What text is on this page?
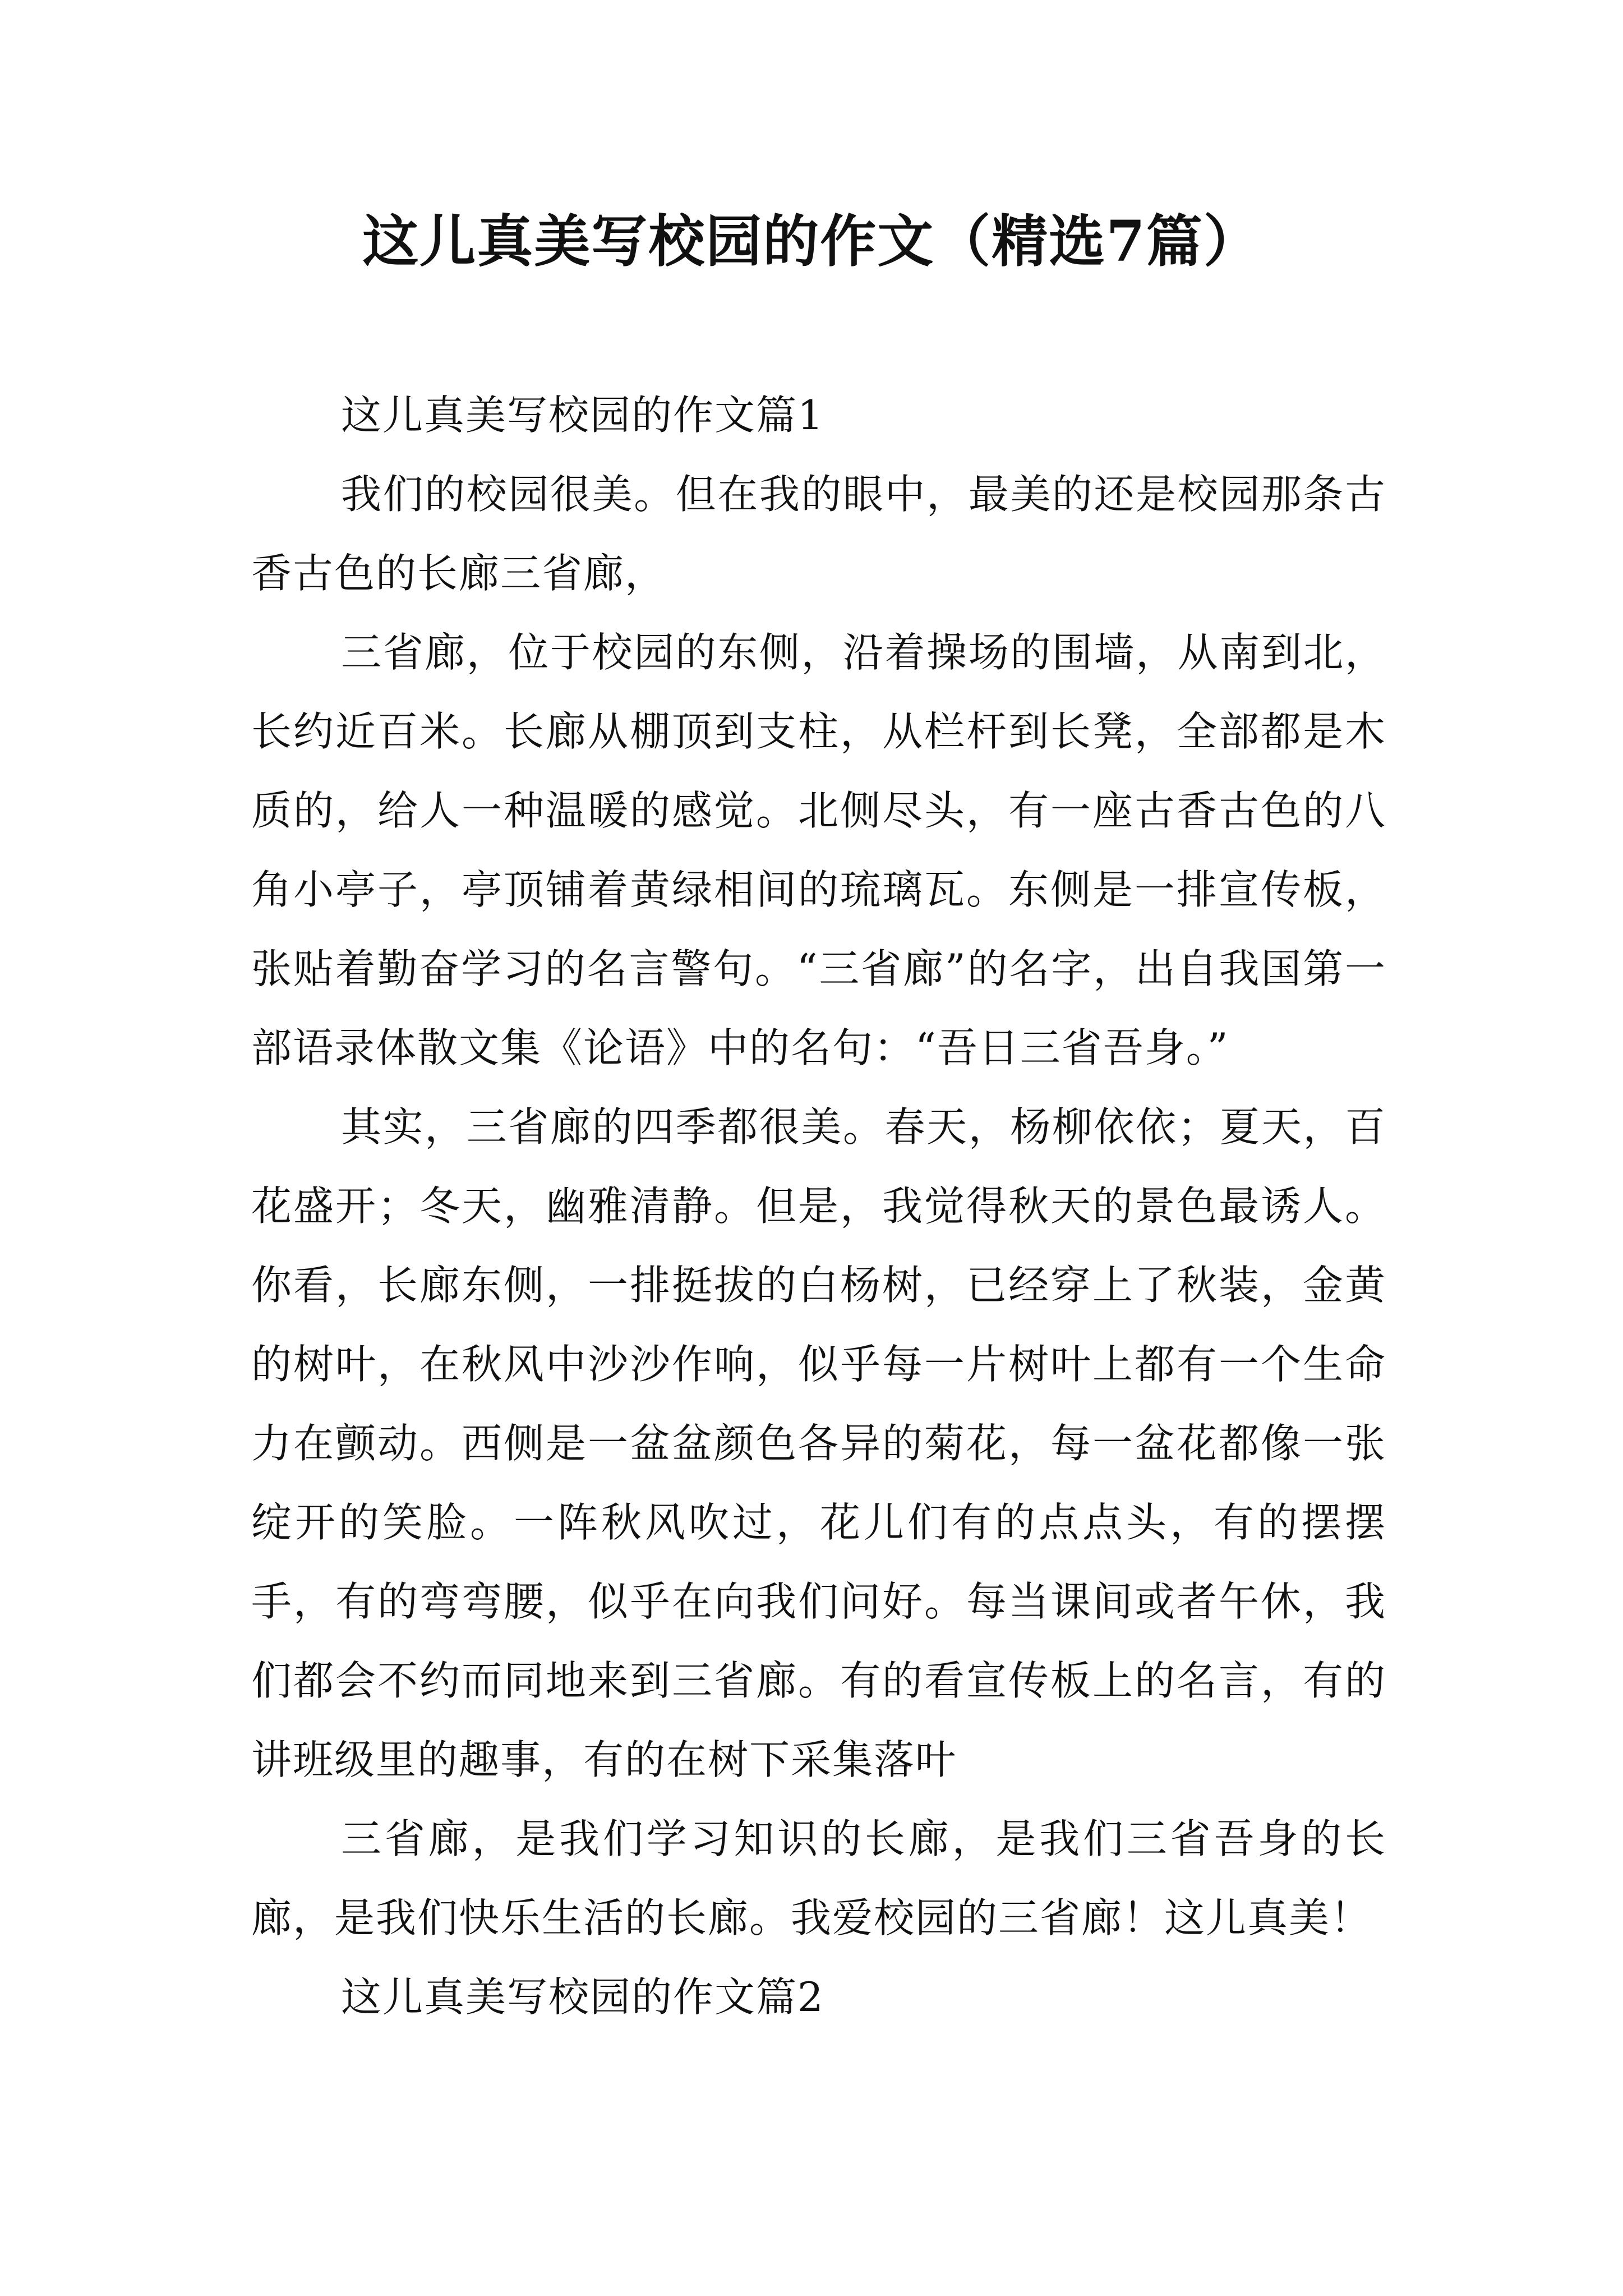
这儿真美写校园的作文（精选7篇）

这儿真美写校园的作文篇1

我们的校园很美。但在我的眼中，最美的还是校园那条古香古色的长廊三省廊，

三省廊，位于校园的东侧，沿着操场的围墙，从南到北，长约近百米。长廊从棚顶到支柱，从栏杆到长凳，全部都是木质的，给人一种温暖的感觉。北侧尽头，有一座古香古色的八角小亭子，亭顶铺着黄绿相间的琉璃瓦。东侧是一排宣传板，张贴着勤奋学习的名言警句。“三省廊”的名字，出自我国第一部语录体散文集《论语》中的名句：“吾日三省吾身。”

其实，三省廊的四季都很美。春天，杨柳依依；夏天，百花盛开；冬天，幽雅清静。但是，我觉得秋天的景色最诱人。你看，长廊东侧，一排挺拔的白杨树，已经穿上了秋装，金黄的树叶，在秋风中沙沙作响，似乎每一片树叶上都有一个生命力在颤动。西侧是一盆盆颜色各异的菊花，每一盆花都像一张绽开的笑脸。一阵秋风吹过，花儿们有的点点头，有的摆摆手，有的弯弯腰，似乎在向我们问好。每当课间或者午休，我们都会不约而同地来到三省廊。有的看宣传板上的名言，有的讲班级里的趣事，有的在树下采集落叶

三省廊，是我们学习知识的长廊，是我们三省吾身的长廊，是我们快乐生活的长廊。我爱校园的三省廊！这儿真美！

这儿真美写校园的作文篇2
